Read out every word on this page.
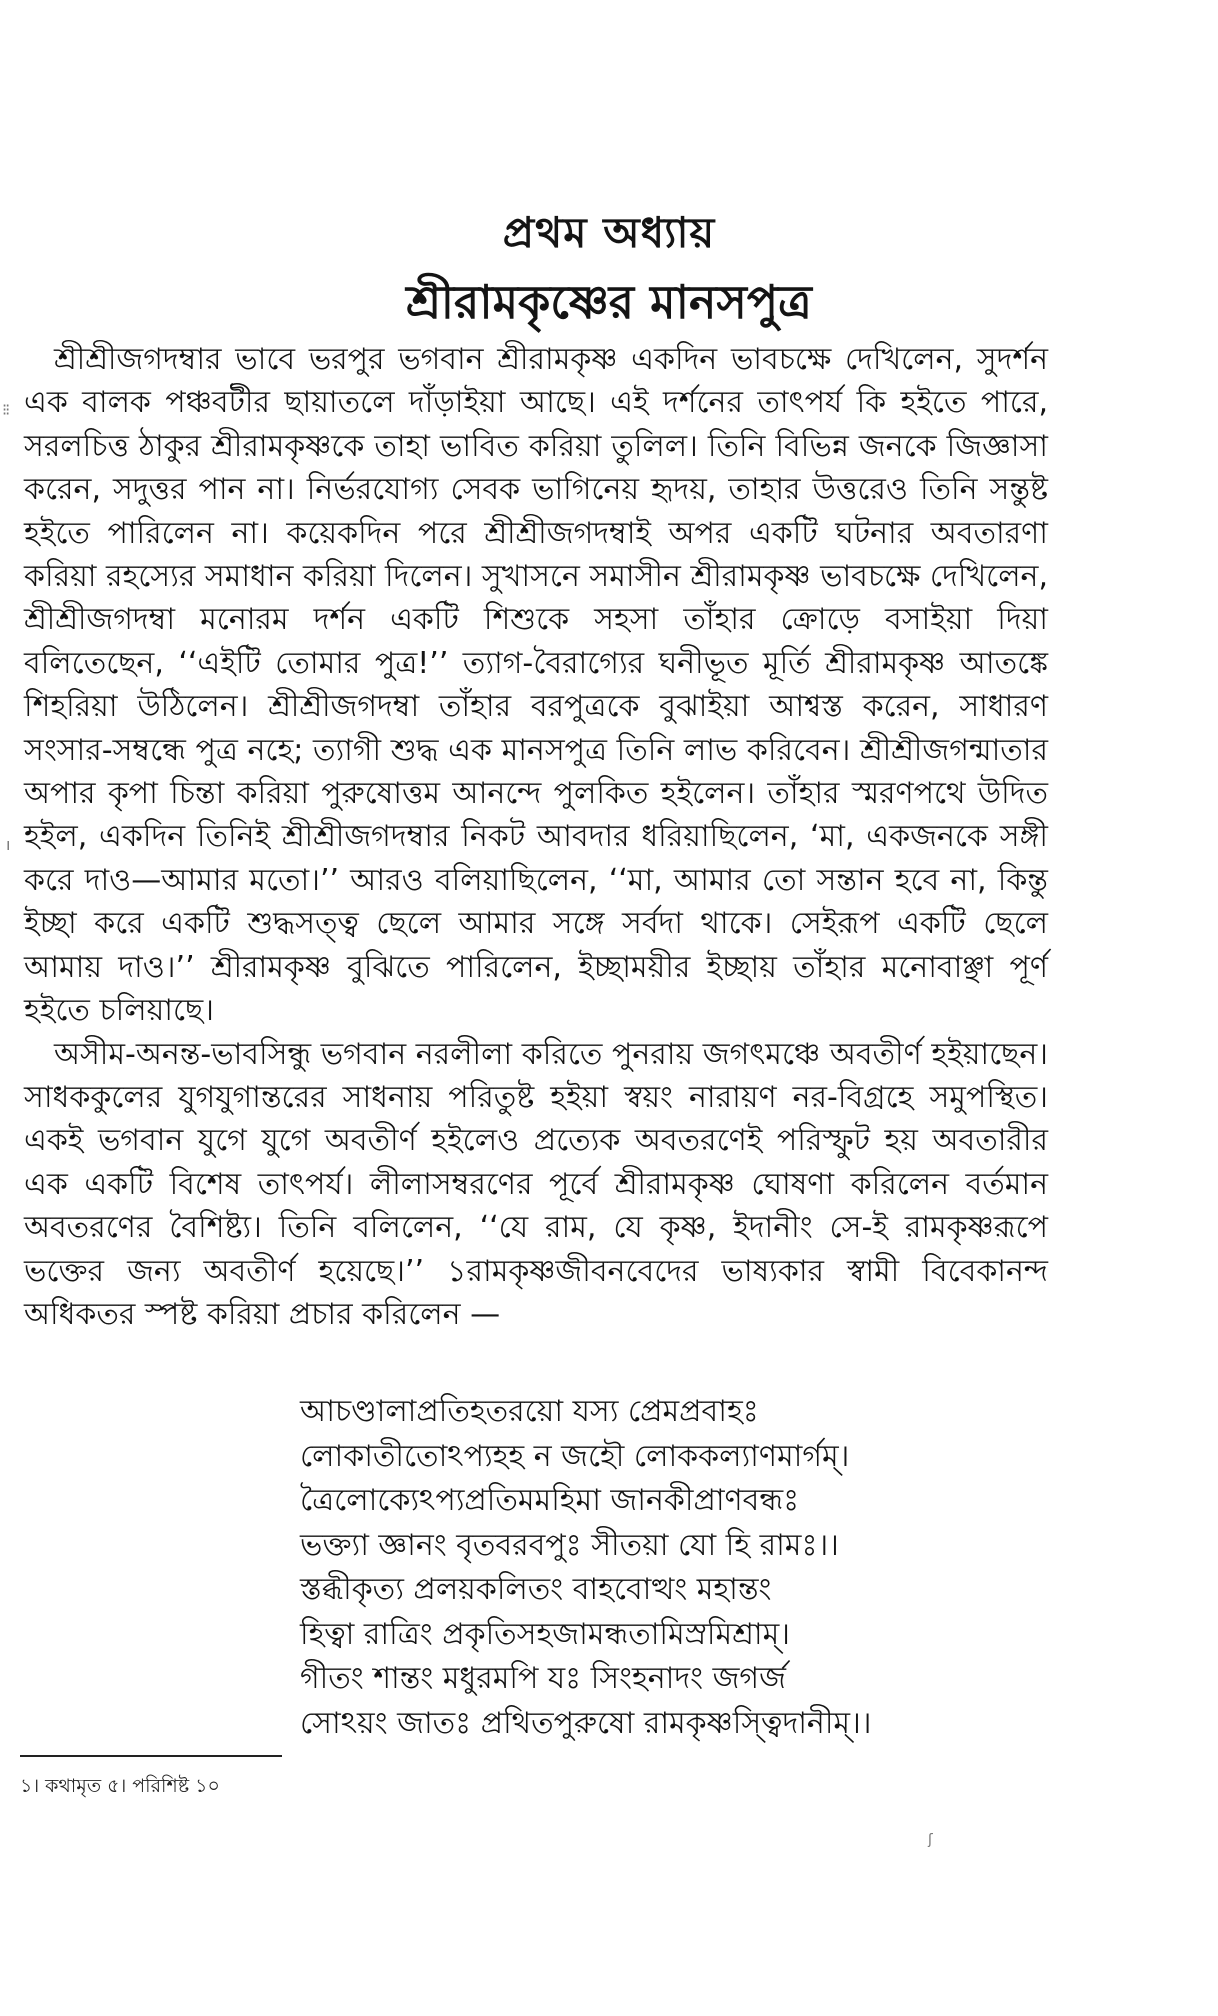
প্রথম অধ্যায়
শ্রীরামকৃষ্ণের মানসপুত্র

শ্রীশ্রীজগদম্বার ভাবে ভরপুর ভগবান শ্রীরামকৃষ্ণ একদিন ভাবচক্ষে দেখিলেন, সুদর্শন এক বালক পঞ্চবটীর ছায়াতলে দাঁড়াইয়া আছে। এই দর্শনের তাৎপর্য কি হইতে পারে, সরলচিত্ত ঠাকুর শ্রীরামকৃষ্ণকে তাহা ভাবিত করিয়া তুলিল। তিনি বিভিন্ন জনকে জিজ্ঞাসা করেন, সদুত্তর পান না। নির্ভরযোগ্য সেবক ভাগিনেয় হৃদয়, তাহার উত্তরেও তিনি সন্তুষ্ট হইতে পারিলেন না। কয়েকদিন পরে শ্রীশ্রীজগদম্বাই অপর একটি ঘটনার অবতারণা করিয়া রহস্যের সমাধান করিয়া দিলেন। সুখাসনে সমাসীন শ্রীরামকৃষ্ণ ভাবচক্ষে দেখিলেন, শ্রীশ্রীজগদম্বা মনোরম দর্শন একটি শিশুকে সহসা তাঁহার ক্রোড়ে বসাইয়া দিয়া বলিতেছেন, ‘‘এইটি তোমার পুত্র!’’ ত্যাগ-বৈরাগ্যের ঘনীভূত মূর্তি শ্রীরামকৃষ্ণ আতঙ্কে শিহরিয়া উঠিলেন। শ্রীশ্রীজগদম্বা তাঁহার বরপুত্রকে বুঝাইয়া আশ্বস্ত করেন, সাধারণ সংসার-সম্বন্ধে পুত্র নহে; ত্যাগী শুদ্ধ এক মানসপুত্র তিনি লাভ করিবেন। শ্রীশ্রীজগন্মাতার অপার কৃপা চিন্তা করিয়া পুরুষোত্তম আনন্দে পুলকিত হইলেন। তাঁহার স্মরণপথে উদিত হইল, একদিন তিনিই শ্রীশ্রীজগদম্বার নিকট আবদার ধরিয়াছিলেন, ‘মা, একজনকে সঙ্গী করে দাও—আমার মতো।’’ আরও বলিয়াছিলেন, ‘‘মা, আমার তো সন্তান হবে না, কিন্তু ইচ্ছা করে একটি শুদ্ধসত্ত্ব ছেলে আমার সঙ্গে সর্বদা থাকে। সেইরূপ একটি ছেলে আমায় দাও।’’ শ্রীরামকৃষ্ণ বুঝিতে পারিলেন, ইচ্ছাময়ীর ইচ্ছায় তাঁহার মনোবাঞ্ছা পূর্ণ হইতে চলিয়াছে।

অসীম-অনন্ত-ভাবসিন্ধু ভগবান নরলীলা করিতে পুনরায় জগৎমঞ্চে অবতীর্ণ হইয়াছেন। সাধককুলের যুগযুগান্তরের সাধনায় পরিতুষ্ট হইয়া স্বয়ং নারায়ণ নর-বিগ্রহে সমুপস্থিত। একই ভগবান যুগে যুগে অবতীর্ণ হইলেও প্রত্যেক অবতরণেই পরিস্ফুট হয় অবতারীর এক একটি বিশেষ তাৎপর্য। লীলাসম্বরণের পূর্বে শ্রীরামকৃষ্ণ ঘোষণা করিলেন বর্তমান অবতরণের বৈশিষ্ট্য। তিনি বলিলেন, ‘‘যে রাম, যে কৃষ্ণ, ইদানীং সে-ই রামকৃষ্ণরূপে ভক্তের জন্য অবতীর্ণ হয়েছে।’’ ১রামকৃষ্ণজীবনবেদের ভাষ্যকার স্বামী বিবেকানন্দ অধিকতর স্পষ্ট করিয়া প্রচার করিলেন —

আচণ্ডালাপ্রতিহতরয়ো যস্য প্রেমপ্রবাহঃ
লোকাতীতোঽপ্যহহ ন জহৌ লোককল্যাণমার্গম্।
ত্রৈলোক্যেঽপ্যপ্রতিমমহিমা জানকীপ্রাণবন্ধঃ
ভক্ত্যা জ্ঞানং বৃতবরবপুঃ সীতয়া যো হি রামঃ।।
স্তব্ধীকৃত্য প্রলয়কলিতং বাহবোত্থং মহান্তং
হিত্বা রাত্রিং প্রকৃতিসহজামন্ধতামিস্রমিশ্রাম্।
গীতং শান্তং মধুরমপি যঃ সিংহনাদং জগর্জ
সোঽয়ং জাতঃ প্রথিতপুরুষো রামকৃষ্ণস্ত্বিদানীম্।।
১। কথামৃত ৫। পরিশিষ্ট ১০
⁝⁝
ı
ʃ
